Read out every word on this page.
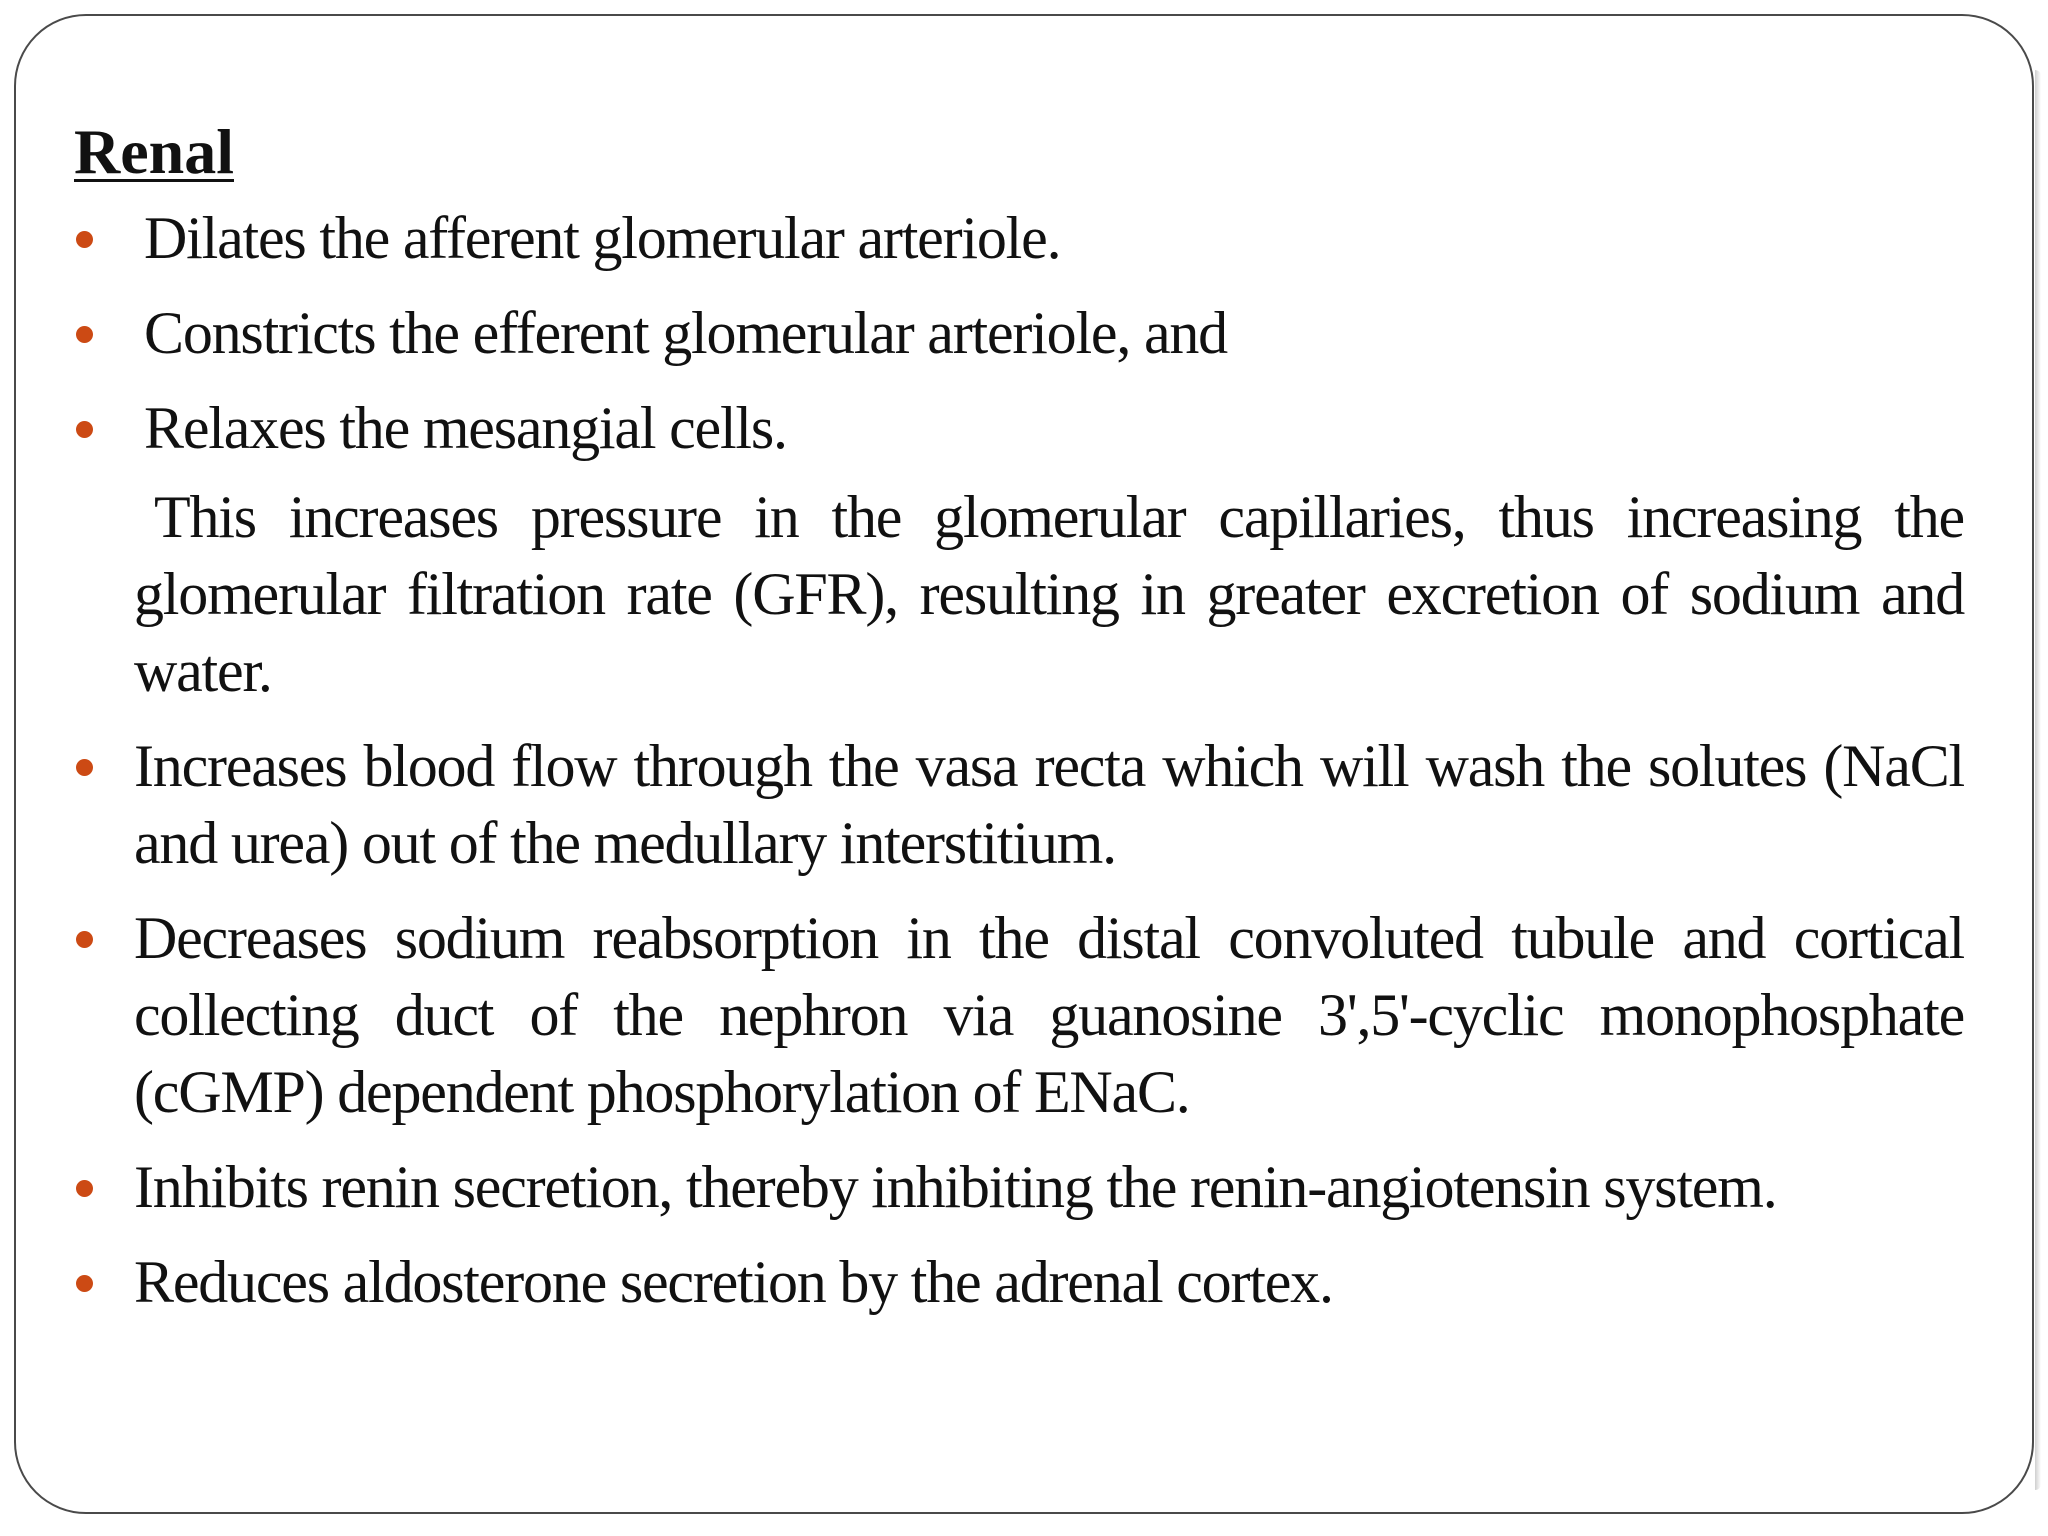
Renal
Dilates the afferent glomerular arteriole.
Constricts the efferent glomerular arteriole, and
Relaxes the mesangial cells.
This increases pressure in the glomerular capillaries, thus increasing the glomerular filtration rate (GFR), resulting in greater excretion of sodium and water.
Increases blood flow through the vasa recta which will wash the solutes (NaCl and urea) out of the medullary interstitium.
Decreases sodium reabsorption in the distal convoluted tubule and cortical collecting duct of the nephron via guanosine 3',5'-cyclic monophosphate (cGMP) dependent phosphorylation of ENaC.
Inhibits renin secretion, thereby inhibiting the renin-angiotensin system.
Reduces aldosterone secretion by the adrenal cortex.
